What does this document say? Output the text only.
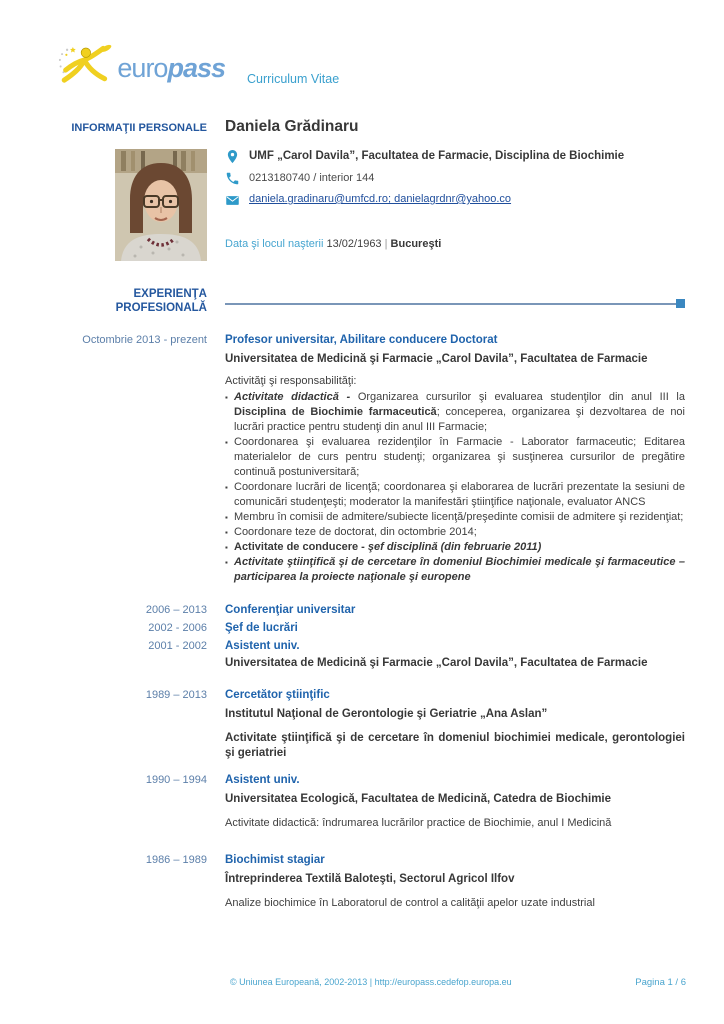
europass Curriculum Vitae
INFORMAŢII PERSONALE Daniela Grădinaru
UMF „Carol Davila”, Facultatea de Farmacie, Disciplina de Biochimie
0213180740 / interior 144
daniela.gradinaru@umfcd.ro; danielagrdnr@yahoo.co
Data şi locul naşterii 13/02/1963 | Bucureşti
EXPERIENŢA
PROFESIONALĂ
Octombrie 2013 - prezent Profesor universitar, Abilitare conducere Doctorat
Universitatea de Medicină şi Farmacie „Carol Davila”, Facultatea de Farmacie
Activităţi şi responsabilităţi:
▪ Activitate didactică - Organizarea cursurilor şi evaluarea studenţilor din anul III la Disciplina de Biochimie farmaceutică; conceperea, organizarea şi dezvoltarea de noi lucrări practice pentru studenţi din anul III Farmacie;
▪ Coordonarea şi evaluarea rezidenţilor în Farmacie - Laborator farmaceutic; Editarea materialelor de curs pentru studenţi; organizarea şi susţinerea cursurilor de pregătire continuă postuniversitară;
▪ Coordonare lucrări de licenţă; coordonarea şi elaborarea de lucrări prezentate la sesiuni de comunicări studenţeşti; moderator la manifestări ştiinţifice naţionale, evaluator ANCS
▪ Membru în comisii de admitere/subiecte licenţă/preşedinte comisii de admitere şi rezidenţiat;
▪ Coordonare teze de doctorat, din octombrie 2014;
▪ Activitate de conducere - şef disciplină (din februarie 2011)
▪ Activitate ştiinţifică şi de cercetare în domeniul Biochimiei medicale şi farmaceutice – participarea la proiecte naţionale şi europene
2006 – 2013 Conferenţiar universitar
2002 - 2006 Şef de lucrări
2001 - 2002 Asistent univ.
Universitatea de Medicină şi Farmacie „Carol Davila”, Facultatea de Farmacie
1989 – 2013 Cercetător ştiinţific
Institutul Naţional de Gerontologie şi Geriatrie „Ana Aslan”
Activitate ştiinţifică şi de cercetare în domeniul biochimiei medicale, gerontologiei şi geriatriei
1990 – 1994 Asistent univ.
Universitatea Ecologică, Facultatea de Medicină, Catedra de Biochimie
Activitate didactică: îndrumarea lucrărilor practice de Biochimie, anul I Medicină
1986 – 1989 Biochimist stagiar
Întreprinderea Textilă Baloteşti, Sectorul Agricol Ilfov
Analize biochimice în Laboratorul de control a calităţii apelor uzate industrial
© Uniunea Europeană, 2002-2013 | http://europass.cedefop.europa.eu	Pagina 1 / 6
